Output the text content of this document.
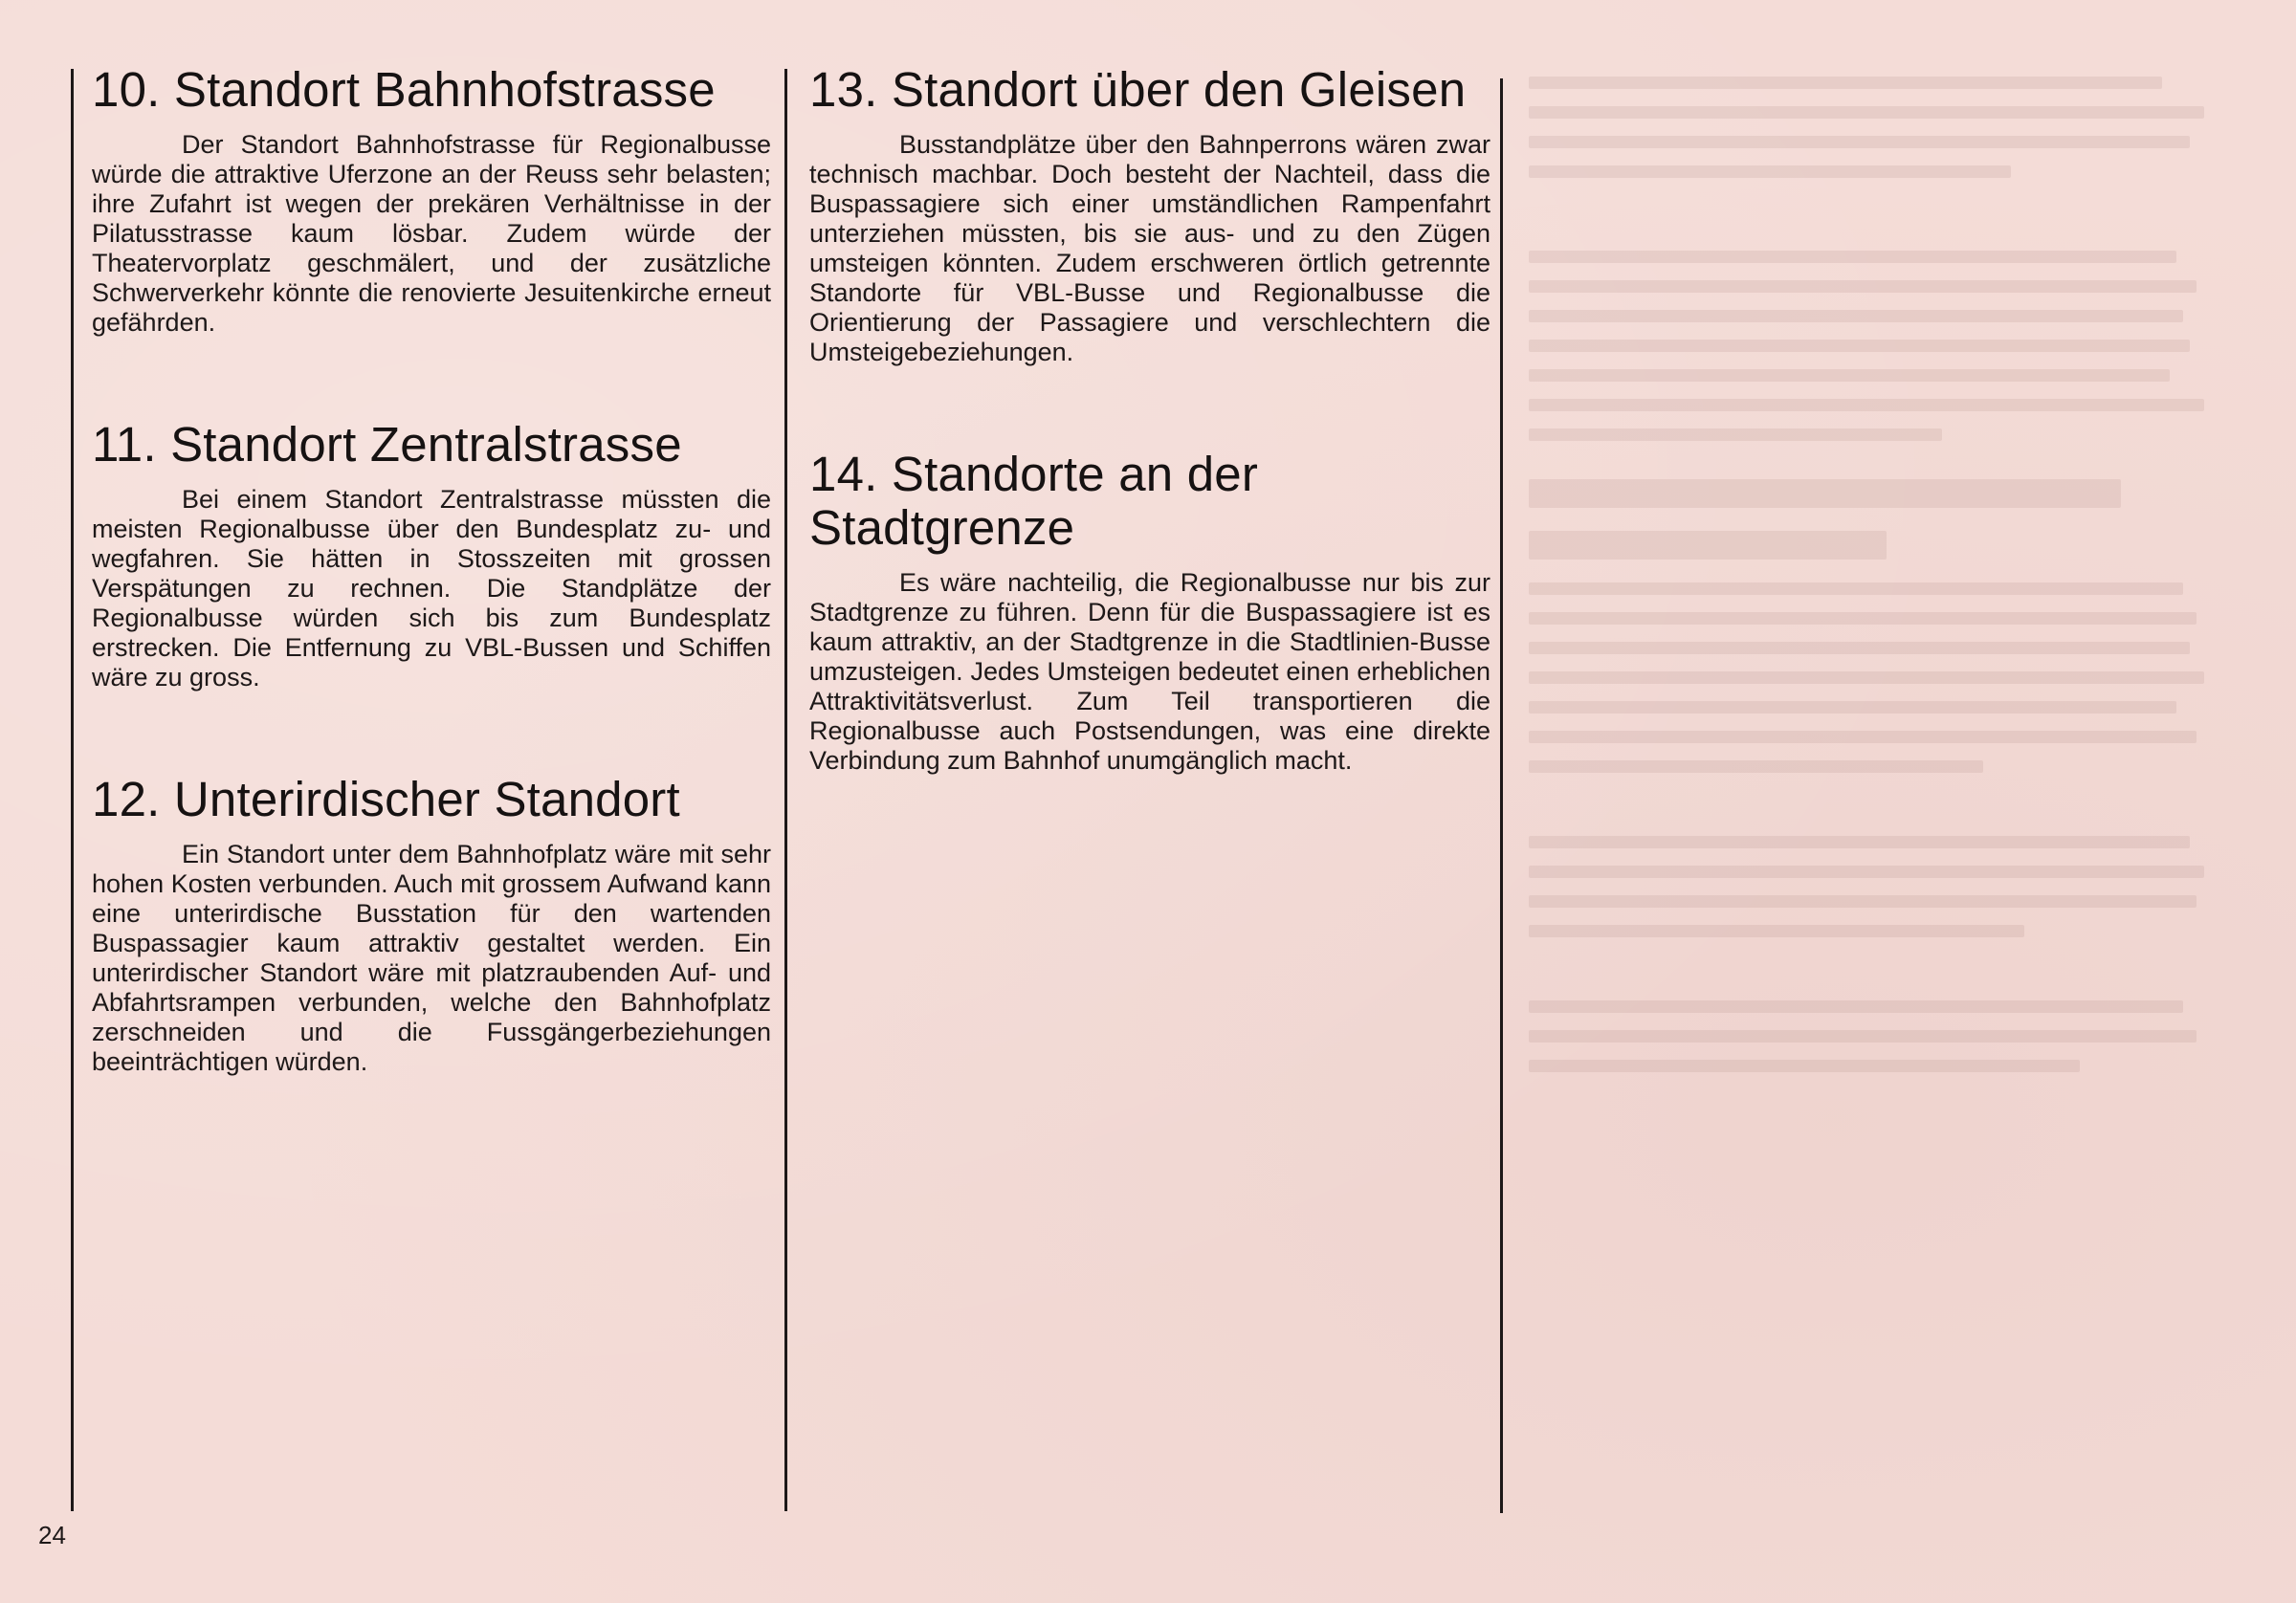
10. Standort Bahnhofstrasse

Der Standort Bahnhofstrasse für Regionalbusse würde die attraktive Uferzone an der Reuss sehr belasten; ihre Zufahrt ist wegen der prekären Verhältnisse in der Pilatusstrasse kaum lösbar. Zudem würde der Theatervorplatz geschmälert, und der zusätzliche Schwerverkehr könnte die renovierte Jesuitenkirche erneut gefährden.

11. Standort Zentralstrasse

Bei einem Standort Zentralstrasse müssten die meisten Regionalbusse über den Bundesplatz zu- und wegfahren. Sie hätten in Stosszeiten mit grossen Verspätungen zu rechnen. Die Standplätze der Regionalbusse würden sich bis zum Bundesplatz erstrecken. Die Entfernung zu VBL-Bussen und Schiffen wäre zu gross.

12. Unterirdischer Standort

Ein Standort unter dem Bahnhofplatz wäre mit sehr hohen Kosten verbunden. Auch mit grossem Aufwand kann eine unterirdische Busstation für den wartenden Buspassagier kaum attraktiv gestaltet werden. Ein unterirdischer Standort wäre mit platzraubenden Auf- und Abfahrtsrampen verbunden, welche den Bahnhofplatz zerschneiden und die Fussgängerbeziehungen beeinträchtigen würden.

13. Standort über den Gleisen

Busstandplätze über den Bahnperrons wären zwar technisch machbar. Doch besteht der Nachteil, dass die Buspassagiere sich einer umständlichen Rampenfahrt unterziehen müssten, bis sie aus- und zu den Zügen umsteigen könnten. Zudem erschweren örtlich getrennte Standorte für VBL-Busse und Regionalbusse die Orientierung der Passagiere und verschlechtern die Umsteigebeziehungen.

14. Standorte an der Stadtgrenze

Es wäre nachteilig, die Regionalbusse nur bis zur Stadtgrenze zu führen. Denn für die Buspassagiere ist es kaum attraktiv, an der Stadtgrenze in die Stadtlinien-Busse umzusteigen. Jedes Umsteigen bedeutet einen erheblichen Attraktivitätsverlust. Zum Teil transportieren die Regionalbusse auch Postsendungen, was eine direkte Verbindung zum Bahnhof unumgänglich macht.

24
